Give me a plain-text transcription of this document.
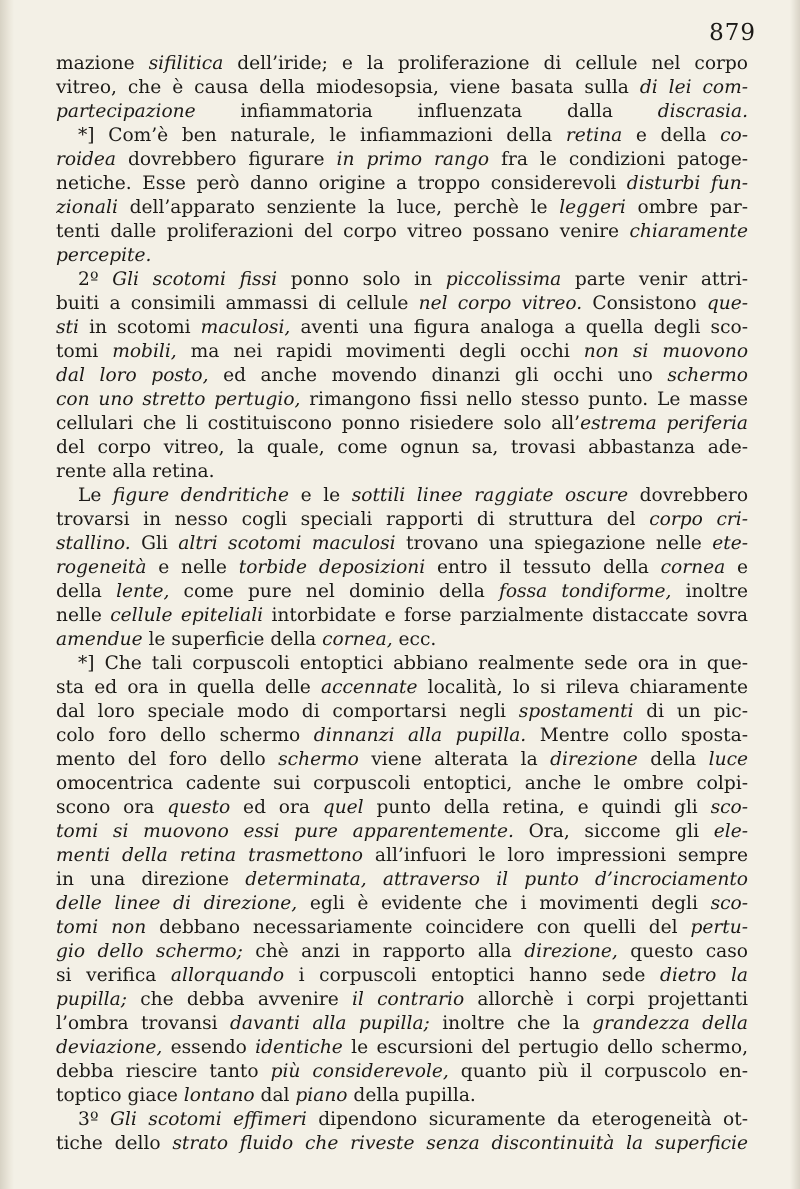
879
mazione sifilitica dell’iride; e la proliferazione di cellule nel corpo
vitreo, che è causa della miodesopsia, viene basata sulla di lei com-
partecipazione infiammatoria influenzata dalla discrasia.
*] Com’è ben naturale, le infiammazioni della retina e della co-
roidea dovrebbero figurare in primo rango fra le condizioni patoge-
netiche. Esse però danno origine a troppo considerevoli disturbi fun-
zionali dell’apparato senziente la luce, perchè le leggeri ombre par-
tenti dalle proliferazioni del corpo vitreo possano venire chiaramente
percepite.
2º Gli scotomi fissi ponno solo in piccolissima parte venir attri-
buiti a consimili ammassi di cellule nel corpo vitreo. Consistono que-
sti in scotomi maculosi, aventi una figura analoga a quella degli sco-
tomi mobili, ma nei rapidi movimenti degli occhi non si muovono
dal loro posto, ed anche movendo dinanzi gli occhi uno schermo
con uno stretto pertugio, rimangono fissi nello stesso punto. Le masse
cellulari che li costituiscono ponno risiedere solo all’estrema periferia
del corpo vitreo, la quale, come ognun sa, trovasi abbastanza ade-
rente alla retina.
Le figure dendritiche e le sottili linee raggiate oscure dovrebbero
trovarsi in nesso cogli speciali rapporti di struttura del corpo cri-
stallino. Gli altri scotomi maculosi trovano una spiegazione nelle ete-
rogeneità e nelle torbide deposizioni entro il tessuto della cornea e
della lente, come pure nel dominio della fossa tondiforme, inoltre
nelle cellule epiteliali intorbidate e forse parzialmente distaccate sovra
amendue le superficie della cornea, ecc.
*] Che tali corpuscoli entoptici abbiano realmente sede ora in que-
sta ed ora in quella delle accennate località, lo si rileva chiaramente
dal loro speciale modo di comportarsi negli spostamenti di un pic-
colo foro dello schermo dinnanzi alla pupilla. Mentre collo sposta-
mento del foro dello schermo viene alterata la direzione della luce
omocentrica cadente sui corpuscoli entoptici, anche le ombre colpi-
scono ora questo ed ora quel punto della retina, e quindi gli sco-
tomi si muovono essi pure apparentemente. Ora, siccome gli ele-
menti della retina trasmettono all’infuori le loro impressioni sempre
in una direzione determinata, attraverso il punto d’incrociamento
delle linee di direzione, egli è evidente che i movimenti degli sco-
tomi non debbano necessariamente coincidere con quelli del pertu-
gio dello schermo; chè anzi in rapporto alla direzione, questo caso
si verifica allorquando i corpuscoli entoptici hanno sede dietro la
pupilla; che debba avvenire il contrario allorchè i corpi projettanti
l’ombra trovansi davanti alla pupilla; inoltre che la grandezza della
deviazione, essendo identiche le escursioni del pertugio dello schermo,
debba riescire tanto più considerevole, quanto più il corpuscolo en-
toptico giace lontano dal piano della pupilla.
3º Gli scotomi effimeri dipendono sicuramente da eterogeneità ot-
tiche dello strato fluido che riveste senza discontinuità la superficie
